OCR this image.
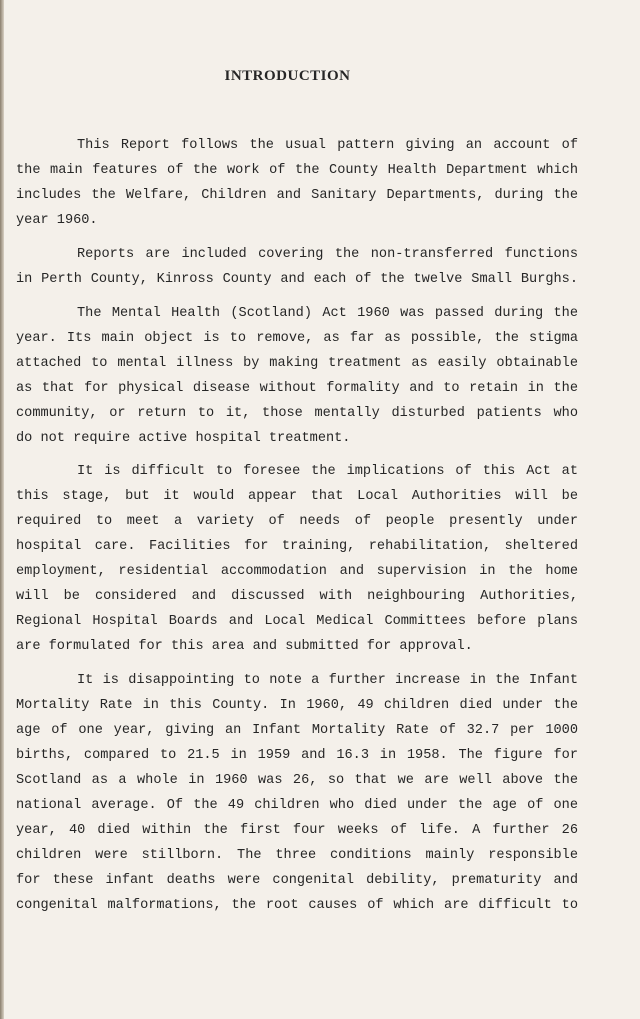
INTRODUCTION

This Report follows the usual pattern giving an account of
the main features of the work of the County Health Department which
includes the Welfare, Children and Sanitary Departments, during the
year 1960.

Reports are included covering the non-transferred functions
in Perth County, Kinross County and each of the twelve Small Burghs.

The Mental Health (Scotland) Act 1960 was passed during the
year. Its main object is to remove, as far as possible, the stigma
attached to mental illness by making treatment as easily obtainable
as that for physical disease without formality and to retain in the
community, or return to it, those mentally disturbed patients who
do not require active hospital treatment.

It is difficult to foresee the implications of this Act at
this stage, but it would appear that Local Authorities will be
required to meet a variety of needs of people presently under
hospital care. Facilities for training, rehabilitation, sheltered
employment, residential accommodation and supervision in the home
will be considered and discussed with neighbouring Authorities,
Regional Hospital Boards and Local Medical Committees before plans
are formulated for this area and submitted for approval.

It is disappointing to note a further increase in the Infant
Mortality Rate in this County. In 1960, 49 children died under the
age of one year, giving an Infant Mortality Rate of 32.7 per 1000
births, compared to 21.5 in 1959 and 16.3 in 1958. The figure for
Scotland as a whole in 1960 was 26, so that we are well above the
national average. Of the 49 children who died under the age of one
year, 40 died within the first four weeks of life. A further 26
children were stillborn. The three conditions mainly responsible
for these infant deaths were congenital debility, prematurity and
congenital malformations, the root causes of which are difficult to
